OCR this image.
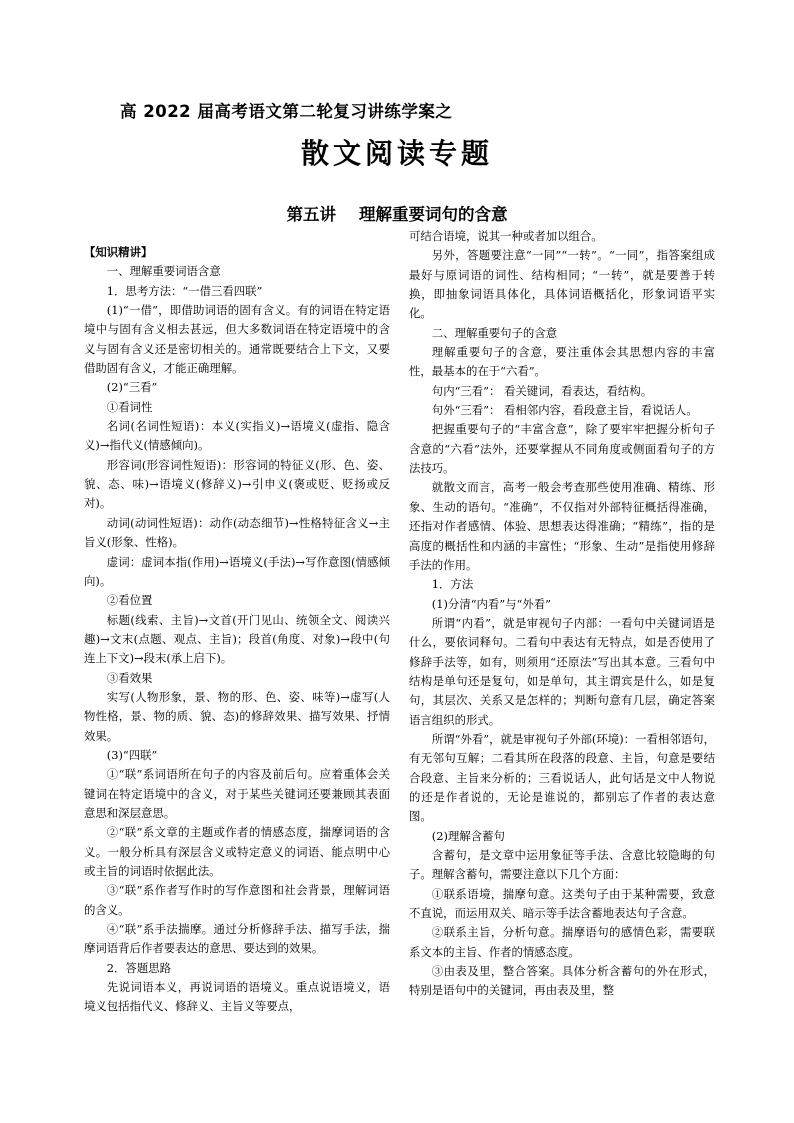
高 2022 届高考语文第二轮复习讲练学案之
散文阅读专题
第五讲    理解重要词句的含意

【知识精讲】

一、理解重要词语含意

1．思考方法：“一借三看四联”

(1)“一借”，即借助词语的固有含义。有的词语在特定语境中与固有含义相去甚远，但大多数词语在特定语境中的含义与固有含义还是密切相关的。通常既要结合上下文，又要借助固有含义，才能正确理解。

(2)“三看”

①看词性

名词(名词性短语)：本义(实指义)→语境义(虚指、隐含义)→指代义(情感倾向)。

形容词(形容词性短语)：形容词的特征义(形、色、姿、貌、态、味)→语境义(修辞义)→引申义(褒或贬、贬扬或反对)。

动词(动词性短语)：动作(动态细节)→性格特征含义→主旨义(形象、性格)。

虚词：虚词本指(作用)→语境义(手法)→写作意图(情感倾向)。

②看位置

标题(线索、主旨)→文首(开门见山、统领全文、阅读兴趣)→文末(点题、观点、主旨)；段首(角度、对象)→段中(句连上下文)→段末(承上启下)。

③看效果

实写(人物形象，景、物的形、色、姿、味等)→虚写(人物性格，景、物的质、貌、态)的修辞效果、描写效果、抒情效果。

(3)“四联”

①“联”系词语所在句子的内容及前后句。应着重体会关键词在特定语境中的含义，对于某些关键词还要兼顾其表面意思和深层意思。

②“联”系文章的主题或作者的情感态度，揣摩词语的含义。一般分析具有深层含义或特定意义的词语、能点明中心或主旨的词语时依据此法。

③“联”系作者写作时的写作意图和社会背景，理解词语的含义。

④“联”系手法揣摩。通过分析修辞手法、描写手法，揣摩词语背后作者要表达的意思、要达到的效果。

2．答题思路

先说词语本义，再说词语的语境义。重点说语境义，语境义包括指代义、修辞义、主旨义等要点，

可结合语境，说其一种或者加以组合。

另外，答题要注意“一同”“一转”。“一同”，指答案组成最好与原词语的词性、结构相同；“一转”，就是要善于转换，即抽象词语具体化，具体词语概括化，形象词语平实化。

二、理解重要句子的含意

理解重要句子的含意，要注重体会其思想内容的丰富性，最基本的在于“六看”。

句内“三看”： 看关键词，看表达，看结构。

句外“三看”： 看相邻内容，看段意主旨，看说话人。

把握重要句子的“丰富含意”，除了要牢牢把握分析句子含意的“六看”法外，还要掌握从不同角度或侧面看句子的方法技巧。

就散文而言，高考一般会考查那些使用准确、精练、形象、生动的语句。“准确”，不仅指对外部特征概括得准确，还指对作者感情、体验、思想表达得准确；“精练”，指的是高度的概括性和内涵的丰富性；“形象、生动”是指使用修辞手法的作用。

1．方法

(1)分清“内看”与“外看”

所谓“内看”，就是审视句子内部：一看句中关键词语是什么，要依词释句。二看句中表达有无特点，如是否使用了修辞手法等，如有，则须用“还原法”写出其本意。三看句中结构是单句还是复句，如是单句，其主谓宾是什么，如是复句，其层次、关系又是怎样的；判断句意有几层，确定答案语言组织的形式。

所谓“外看”，就是审视句子外部(环境)：一看相邻语句，有无邻句互解；二看其所在段落的段意、主旨，句意是要结合段意、主旨来分析的；三看说话人，此句话是文中人物说的还是作者说的，无论是谁说的，都别忘了作者的表达意图。

(2)理解含蓄句

含蓄句，是文章中运用象征等手法、含意比较隐晦的句子。理解含蓄句，需要注意以下几个方面：

①联系语境，揣摩句意。这类句子由于某种需要，致意不直说，而运用双关、暗示等手法含蓄地表达句子含意。

②联系主旨，分析句意。揣摩语句的感情色彩，需要联系文本的主旨、作者的情感态度。

③由表及里，整合答案。具体分析含蓄句的外在形式，特别是语句中的关键词，再由表及里，整
